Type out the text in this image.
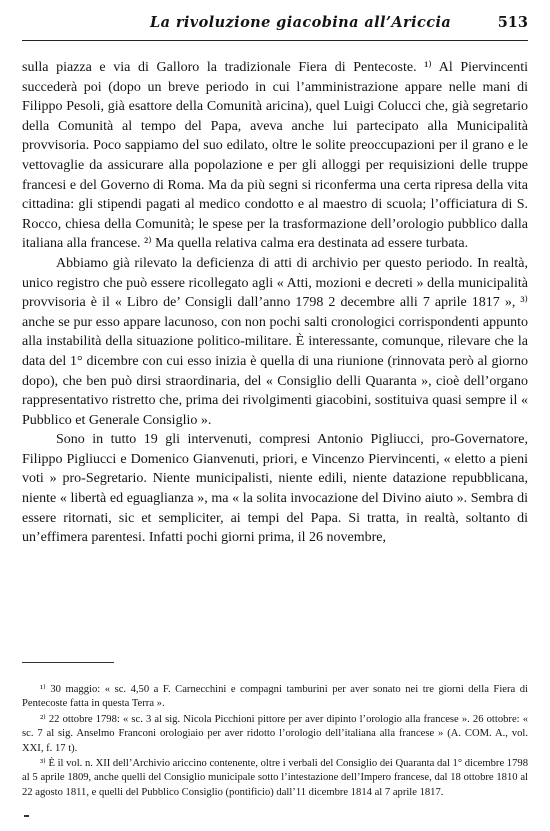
La rivoluzione giacobina all’Ariccia	513

sulla piazza e via di Galloro la tradizionale Fiera di Pentecoste. ¹⁾ Al Piervincenti succederà poi (dopo un breve periodo in cui l’amministrazione appare nelle mani di Filippo Pesoli, già esattore della Comunità aricina), quel Luigi Colucci che, già segretario della Comunità al tempo del Papa, aveva anche lui partecipato alla Municipalità provvisoria. Poco sappiamo del suo edilato, oltre le solite preoccupazioni per il grano e le vettovaglie da assicurare alla popolazione e per gli alloggi per requisizioni delle truppe francesi e del Governo di Roma. Ma da più segni si riconferma una certa ripresa della vita cittadina: gli stipendi pagati al medico condotto e al maestro di scuola; l’officiatura di S. Rocco, chiesa della Comunità; le spese per la trasformazione dell’orologio pubblico dalla italiana alla francese. ²⁾ Ma quella relativa calma era destinata ad essere turbata.

Abbiamo già rilevato la deficienza di atti di archivio per questo periodo. In realtà, unico registro che può essere ricollegato agli « Atti, mozioni e decreti » della municipalità provvisoria è il « Libro de’ Consigli dall’anno 1798 2 decembre alli 7 aprile 1817 », ³⁾ anche se pur esso appare lacunoso, con non pochi salti cronologici corrispondenti appunto alla instabilità della situazione politico-militare. È interessante, comunque, rilevare che la data del 1° dicembre con cui esso inizia è quella di una riunione (rinnovata però al giorno dopo), che ben può dirsi straordinaria, del « Consiglio delli Quaranta », cioè dell’organo rappresentativo ristretto che, prima dei rivolgimenti giacobini, sostituiva quasi sempre il « Pubblico et Generale Consiglio ».

Sono in tutto 19 gli intervenuti, compresi Antonio Pigliucci, pro-Governatore, Filippo Pigliucci e Domenico Gianvenuti, priori, e Vincenzo Piervincenti, « eletto a pieni voti » pro-Segretario. Niente municipalisti, niente edili, niente datazione repubblicana, niente « libertà ed eguaglianza », ma « la solita invocazione del Divino aiuto ». Sembra di essere ritornati, sic et sempliciter, ai tempi del Papa. Si tratta, in realtà, soltanto di un’effimera parentesi. Infatti pochi giorni prima, il 26 novembre,

¹⁾ 30 maggio: « sc. 4,50 a F. Carnecchini e compagni tamburini per aver sonato nei tre giorni della Fiera di Pentecoste fatta in questa Terra ».

²⁾ 22 ottobre 1798: « sc. 3 al sig. Nicola Picchioni pittore per aver dipinto l’orologio alla francese ». 26 ottobre: « sc. 7 al sig. Anselmo Franconi orologiaio per aver ridotto l’orologio dell’italiana alla francese » (A. COM. A., vol. XXI, f. 17 t).

³⁾ È il vol. n. XII dell’Archivio ariccino contenente, oltre i verbali del Consiglio dei Quaranta dal 1° dicembre 1798 al 5 aprile 1809, anche quelli del Consiglio municipale sotto l’intestazione dell’Impero francese, dal 18 ottobre 1810 al 22 agosto 1811, e quelli del Pubblico Consiglio (pontificio) dall’11 dicembre 1814 al 7 aprile 1817.
